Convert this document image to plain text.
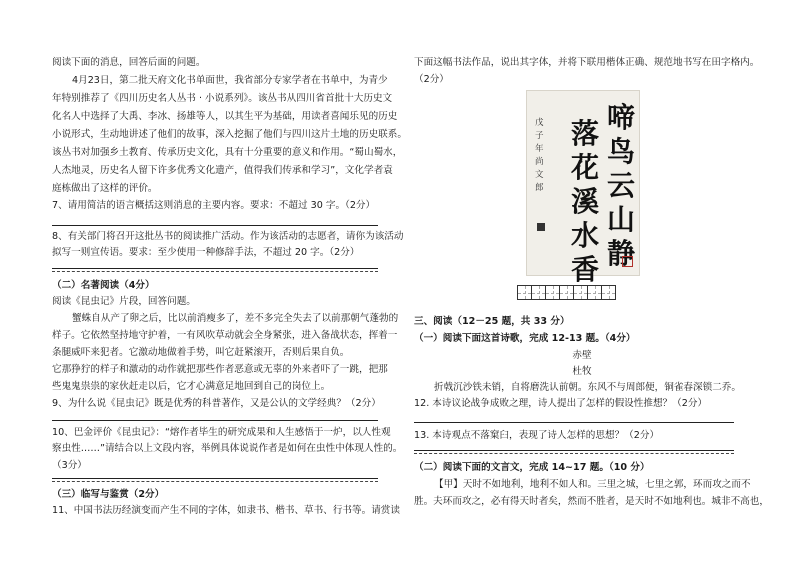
阅读下面的消息，回答后面的问题。
4月23日，第二批天府文化书单面世，我省部分专家学者在书单中，为青少
年特别推荐了《四川历史名人丛书 · 小说系列》。该丛书从四川省首批十大历史文
化名人中选择了大禹、李冰、扬雄等人，以其生平为基础，用读者喜闻乐见的历史
小说形式，生动地讲述了他们的故事，深入挖掘了他们与四川这片土地的历史联系。
该丛书对加强乡土教育、传承历史文化，具有十分重要的意义和作用。“蜀山蜀水，
人杰地灵，历史名人留下许多优秀文化遗产，值得我们传承和学习”，文化学者袁
庭栋做出了这样的评价。
7、请用简洁的语言概括这则消息的主要内容。要求：不超过 30 字。（2分）
8、有关部门将召开这批丛书的阅读推广活动。作为该活动的志愿者，请你为该活动
拟写一则宣传语。要求：至少使用一种修辞手法，不超过 20 字。（2分）
（二）名著阅读（4分）
阅读《昆虫记》片段，回答问题。
蟹蛛自从产了卵之后，比以前消瘦多了，差不多完全失去了以前那朝气蓬勃的
样子。它依然坚持地守护着，一有风吹草动就会全身紧张，进入备战状态，挥着一
条腿威吓来犯者。它激动地做着手势，叫它赶紧滚开，否则后果自负。
它那狰狞的样子和激动的动作就把那些作者恶意或无辜的外来者吓了一跳，把那
些鬼鬼祟祟的家伙赶走以后，它才心满意足地回到自己的岗位上。
9、为什么说《昆虫记》既是优秀的科普著作，又是公认的文学经典？（2分）
10、巴金评价《昆虫记》：“熔作者毕生的研究成果和人生感悟于一炉，以人性观
察虫性……”请结合以上文段内容，举例具体说说作者是如何在虫性中体现人性的。
（3分）
（三）临写与鉴赏（2分）
11、中国书法历经演变而产生不同的字体，如隶书、楷书、草书、行书等。请赏读
下面这幅书法作品，说出其字体，并将下联用楷体正确、规范地书写在田字格内。
（2分）
啼
鸟
云
山
静
落
花
溪
水
香
戊子年尚文郎
三、阅读（12－25 题，共 33 分）
（一）阅读下面这首诗歌，完成 12-13 题。（4分）
赤壁
杜牧
折戟沉沙铁未销，自将磨洗认前朝。东风不与周郎便，铜雀春深锁二乔。
12. 本诗议论战争成败之理，诗人提出了怎样的假设性推想？（2分）
13. 本诗观点不落窠臼，表现了诗人怎样的思想？（2分）
（二）阅读下面的文言文，完成 14~17 题。（10 分）
【甲】天时不如地利，地利不如人和。三里之城，七里之郭，环而攻之而不
胜。夫环而攻之，必有得天时者矣，然而不胜者，是天时不如地利也。城非不高也，
